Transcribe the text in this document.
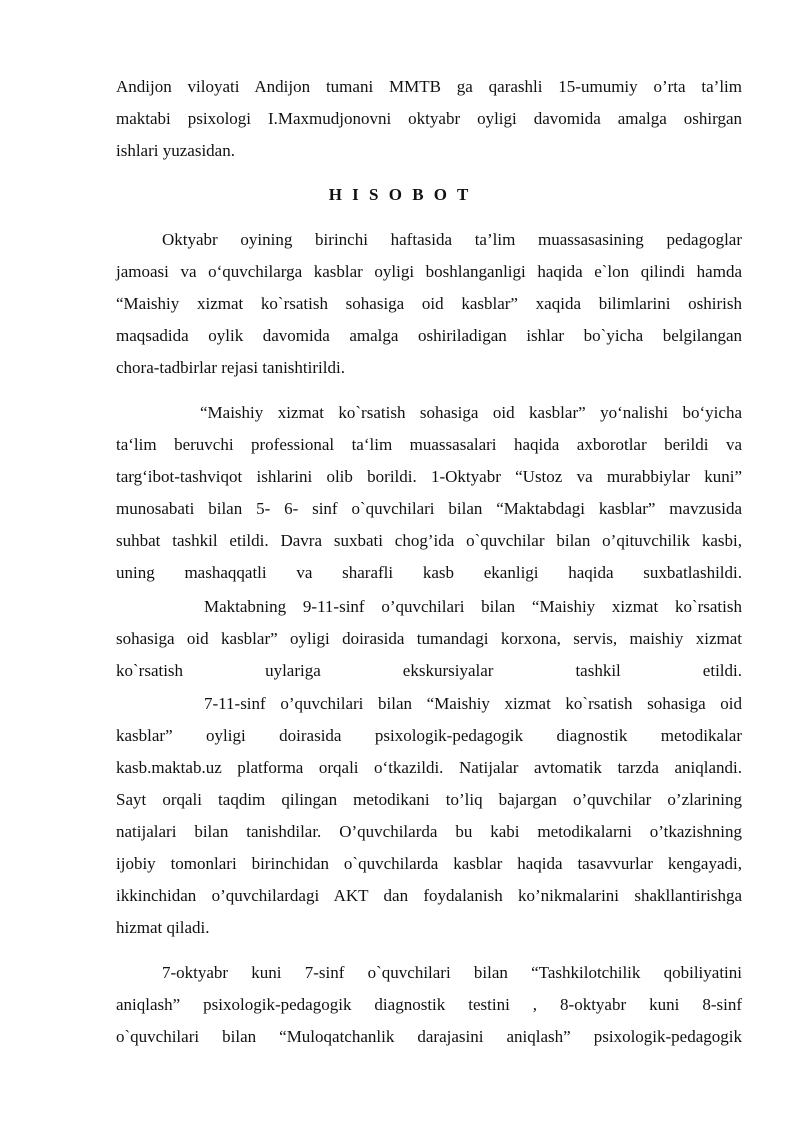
Andijon viloyati Andijon tumani MMTB ga qarashli 15-umumiy o’rta ta’lim
maktabi psixologi I.Maxmudjonovni oktyabr oyligi davomida amalga oshirgan
ishlari yuzasidan.
H I S O B O T
Oktyabr oyining birinchi haftasida ta’lim muassasasining pedagoglar
jamoasi va o‘quvchilarga kasblar oyligi boshlanganligi haqida e`lon qilindi hamda
“Maishiy xizmat ko`rsatish sohasiga oid kasblar” xaqida bilimlarini oshirish
maqsadida oylik davomida amalga oshiriladigan ishlar bo`yicha belgilangan
chora-tadbirlar rejasi tanishtirildi.
“Maishiy xizmat ko`rsatish sohasiga oid kasblar” yo‘nalishi bo‘yicha
ta‘lim beruvchi professional ta‘lim muassasalari haqida axborotlar berildi va
targ‘ibot-tashviqot ishlarini olib borildi. 1-Oktyabr “Ustoz va murabbiylar kuni”
munosabati bilan 5- 6- sinf o`quvchilari bilan “Maktabdagi kasblar” mavzusida
suhbat tashkil etildi. Davra suxbati chog’ida o`quvchilar bilan o’qituvchilik kasbi,
uning mashaqqatli va sharafli kasb ekanligi haqida suxbatlashildi.
Maktabning 9-11-sinf o’quvchilari bilan “Maishiy xizmat ko`rsatish
sohasiga oid kasblar” oyligi doirasida tumandagi korxona, servis, maishiy xizmat
ko`rsatish uylariga ekskursiyalar tashkil etildi.
7-11-sinf o’quvchilari bilan “Maishiy xizmat ko`rsatish sohasiga oid
kasblar” oyligi doirasida psixologik-pedagogik diagnostik metodikalar
kasb.maktab.uz platforma orqali o‘tkazildi. Natijalar avtomatik tarzda aniqlandi.
Sayt orqali taqdim qilingan metodikani to’liq bajargan o’quvchilar o’zlarining
natijalari bilan tanishdilar. O’quvchilarda bu kabi metodikalarni o’tkazishning
ijobiy tomonlari birinchidan o`quvchilarda kasblar haqida tasavvurlar kengayadi,
ikkinchidan o’quvchilardagi AKT dan foydalanish ko’nikmalarini shakllantirishga
hizmat qiladi.
7-oktyabr kuni 7-sinf o`quvchilari bilan “Tashkilotchilik qobiliyatini
aniqlash” psixologik-pedagogik diagnostik testini , 8-oktyabr kuni 8-sinf
o`quvchilari bilan “Muloqatchanlik darajasini aniqlash” psixologik-pedagogik
